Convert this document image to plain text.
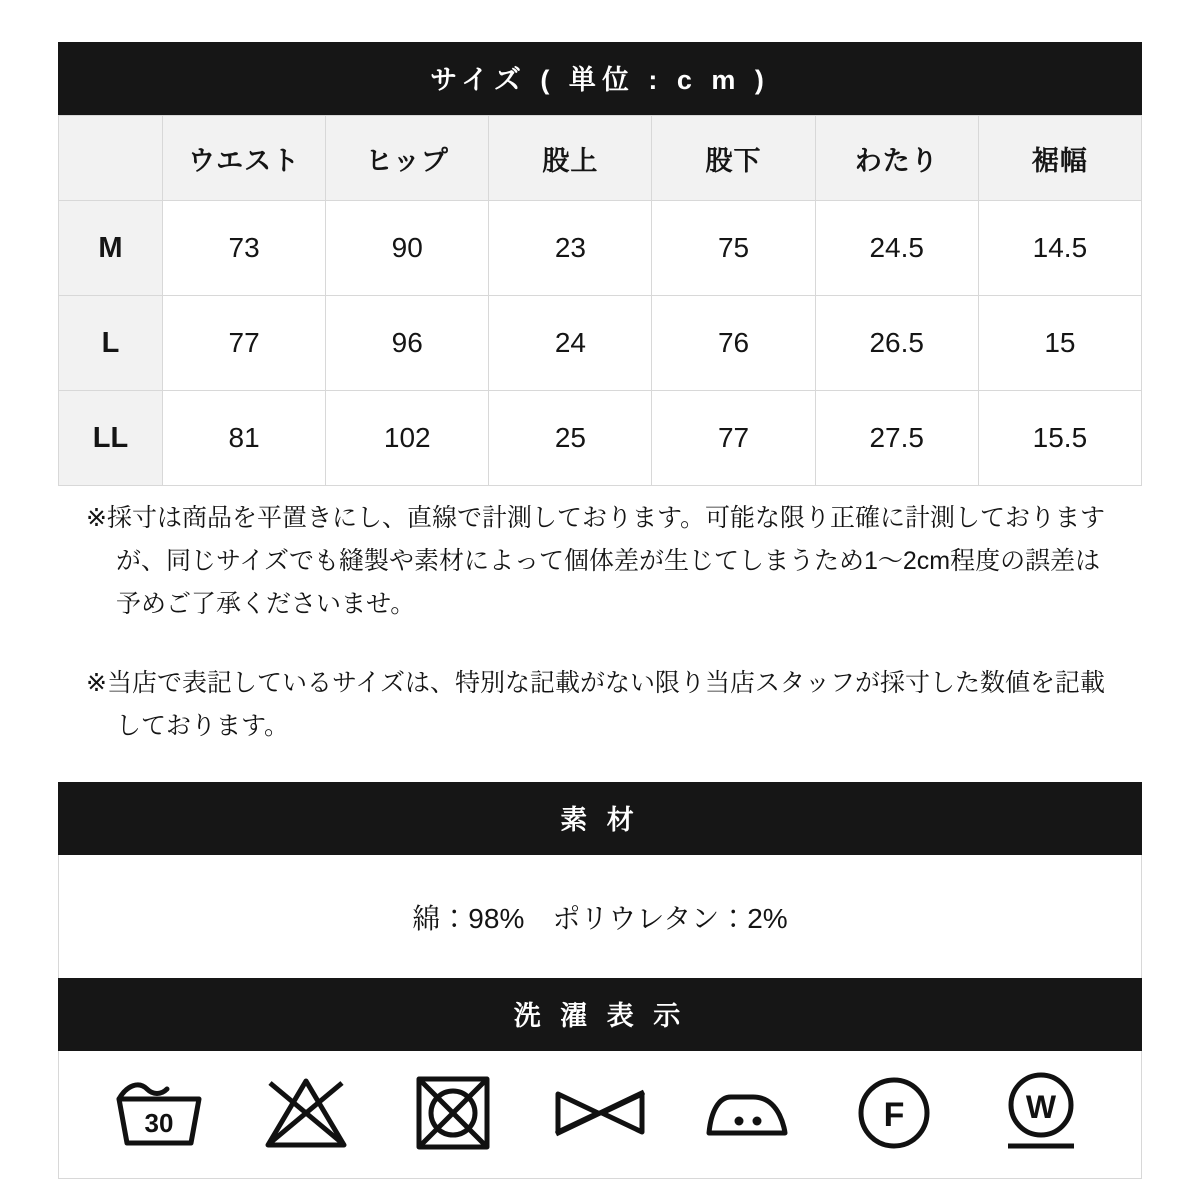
サイズ ( 単位 : c m )
	ウエスト	ヒップ	股上	股下	わたり	裾幅
M	73	90	23	75	24.5	14.5
L	77	96	24	76	26.5	15
LL	81	102	25	77	27.5	15.5

※採寸は商品を平置きにし、直線で計測しております。可能な限り正確に計測しておりますが、同じサイズでも縫製や素材によって個体差が生じてしまうため1〜2cm程度の誤差は予めご了承くださいませ。

※当店で表記しているサイズは、特別な記載がない限り当店スタッフが採寸した数値を記載しております。

素 材
綿：98%　ポリウレタン：2%
洗 濯 表 示
30	F	W
